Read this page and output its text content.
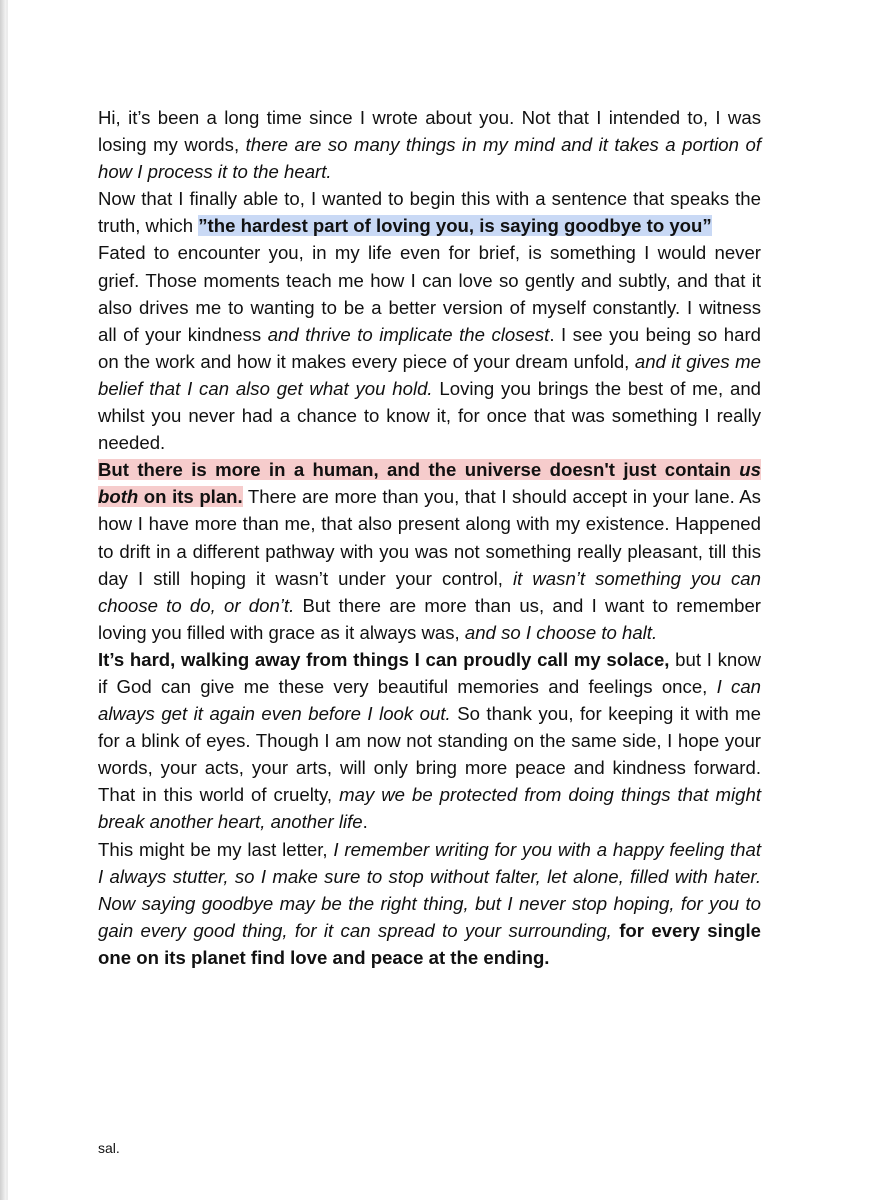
Hi, it’s been a long time since I wrote about you. Not that I intended to, I was losing my words, there are so many things in my mind and it takes a portion of how I process it to the heart.

Now that I finally able to, I wanted to begin this with a sentence that speaks the truth, which ”the hardest part of loving you, is saying goodbye to you”

Fated to encounter you, in my life even for brief, is something I would never grief. Those moments teach me how I can love so gently and subtly, and that it also drives me to wanting to be a better version of myself constantly. I witness all of your kindness and thrive to implicate the closest. I see you being so hard on the work and how it makes every piece of your dream unfold, and it gives me belief that I can also get what you hold. Loving you brings the best of me, and whilst you never had a chance to know it, for once that was something I really needed.

But there is more in a human, and the universe doesn't just contain us both on its plan. There are more than you, that I should accept in your lane. As how I have more than me, that also present along with my existence. Happened to drift in a different pathway with you was not something really pleasant, till this day I still hoping it wasn’t under your control, it wasn’t something you can choose to do, or don’t. But there are more than us, and I want to remember loving you filled with grace as it always was, and so I choose to halt.

It’s hard, walking away from things I can proudly call my solace, but I know if God can give me these very beautiful memories and feelings once, I can always get it again even before I look out. So thank you, for keeping it with me for a blink of eyes. Though I am now not standing on the same side, I hope your words, your acts, your arts, will only bring more peace and kindness forward. That in this world of cruelty, may we be protected from doing things that might break another heart, another life.

This might be my last letter, I remember writing for you with a happy feeling that I always stutter, so I make sure to stop without falter, let alone, filled with hater. Now saying goodbye may be the right thing, but I never stop hoping, for you to gain every good thing, for it can spread to your surrounding, for every single one on its planet find love and peace at the ending.

sal.
